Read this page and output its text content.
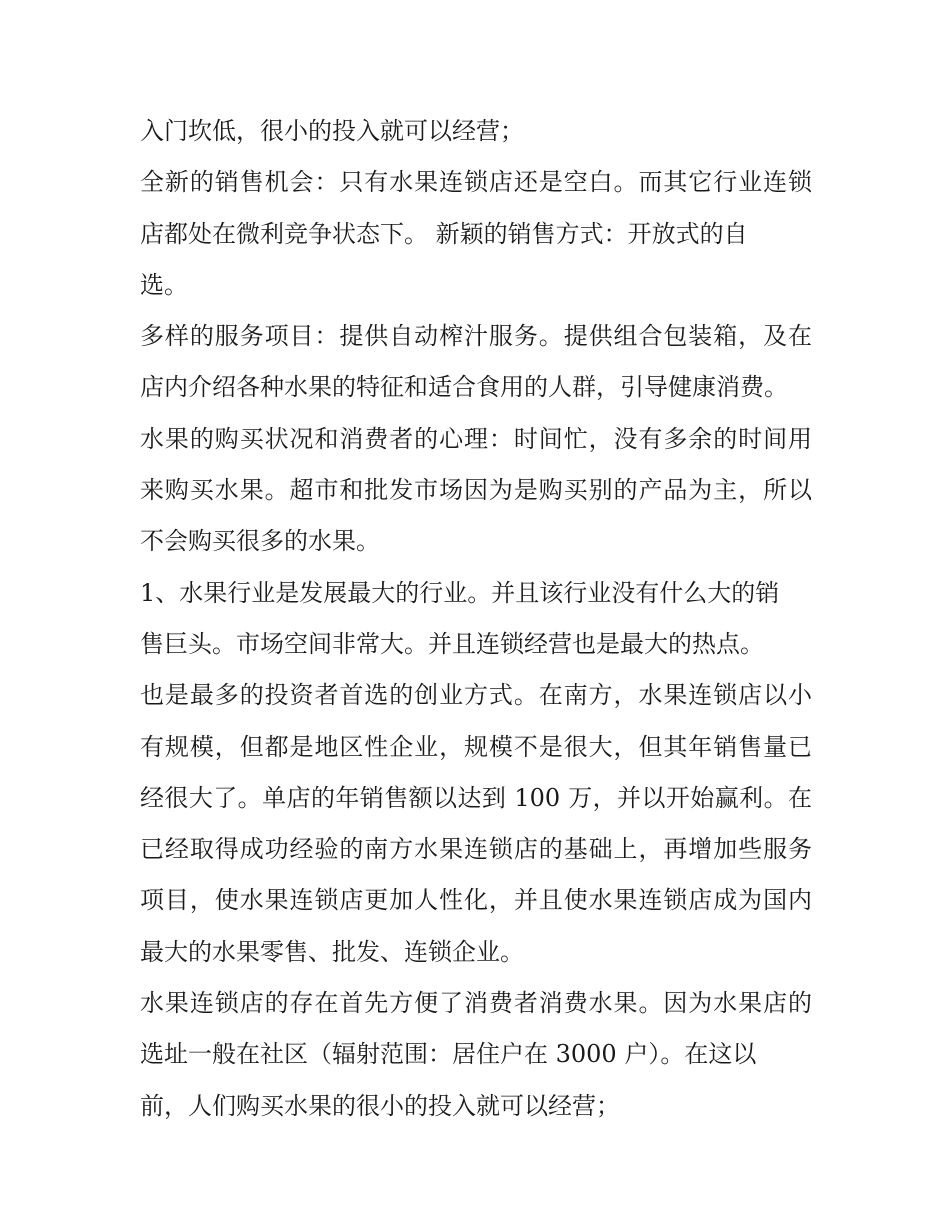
入门坎低，很小的投入就可以经营；
全新的销售机会：只有水果连锁店还是空白。而其它行业连锁
店都处在微利竞争状态下。 新颖的销售方式：开放式的自
选。
多样的服务项目：提供自动榨汁服务。提供组合包装箱，及在
店内介绍各种水果的特征和适合食用的人群，引导健康消费。
水果的购买状况和消费者的心理：时间忙，没有多余的时间用
来购买水果。超市和批发市场因为是购买别的产品为主，所以
不会购买很多的水果。
1、水果行业是发展最大的行业。并且该行业没有什么大的销
售巨头。市场空间非常大。并且连锁经营也是最大的热点。
也是最多的投资者首选的创业方式。在南方，水果连锁店以小
有规模，但都是地区性企业，规模不是很大，但其年销售量已
经很大了。单店的年销售额以达到 100 万，并以开始赢利。在
已经取得成功经验的南方水果连锁店的基础上，再增加些服务
项目，使水果连锁店更加人性化，并且使水果连锁店成为国内
最大的水果零售、批发、连锁企业。
水果连锁店的存在首先方便了消费者消费水果。因为水果店的
选址一般在社区（辐射范围：居住户在 3000 户）。在这以
前，人们购买水果的很小的投入就可以经营；
